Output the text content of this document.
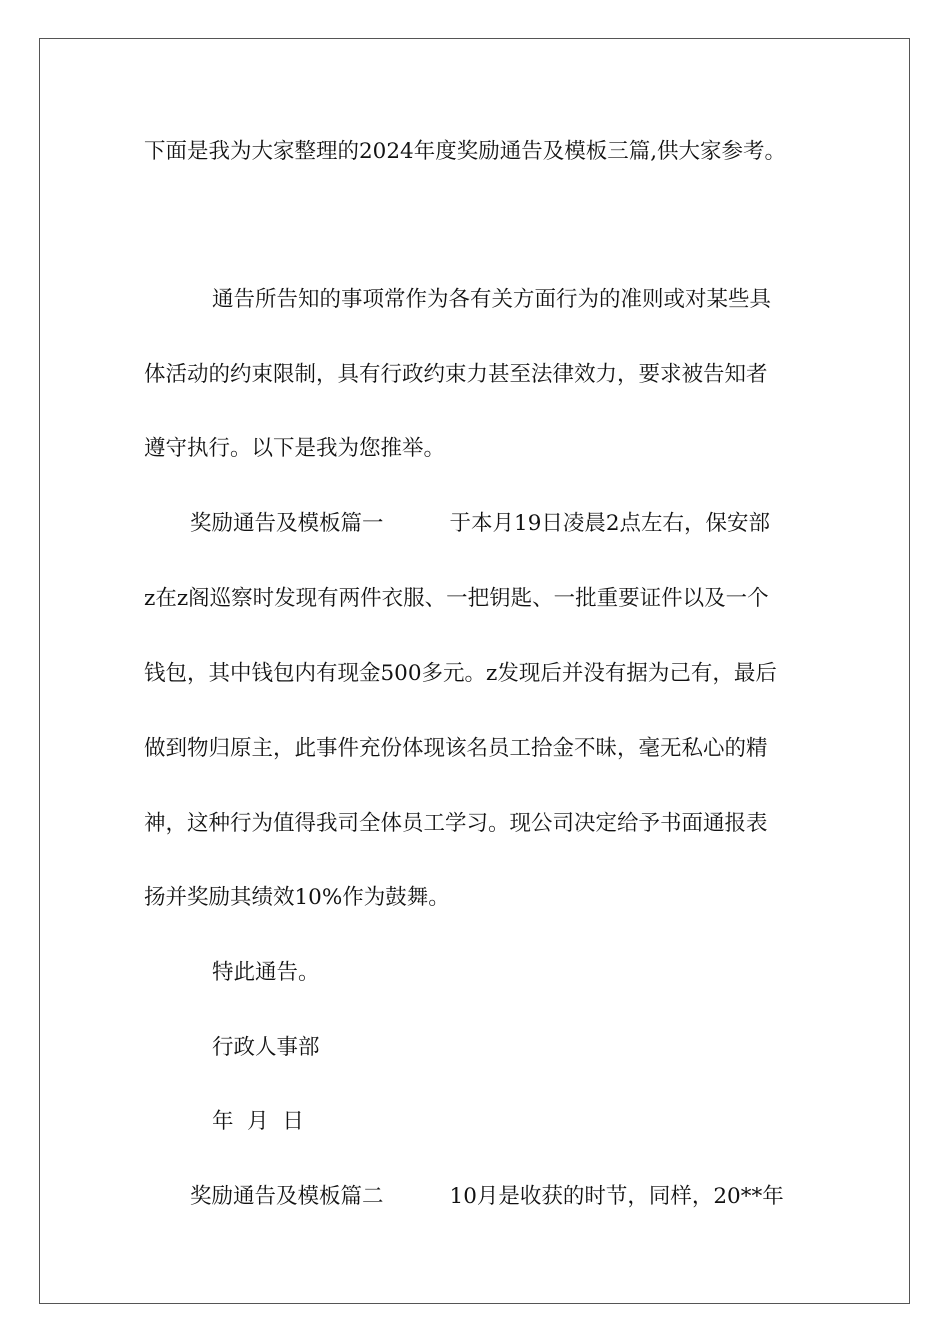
下面是我为大家整理的2024年度奖励通告及模板三篇,供大家参考。
通告所告知的事项常作为各有关方面行为的准则或对某些具
体活动的约束限制，具有行政约束力甚至法律效力，要求被告知者
遵守执行。以下是我为您推举。
奖励通告及模板篇一	于本月19日凌晨2点左右，保安部
z在z阁巡察时发现有两件衣服、一把钥匙、一批重要证件以及一个
钱包，其中钱包内有现金500多元。z发现后并没有据为己有，最后
做到物归原主，此事件充份体现该名员工拾金不昧，毫无私心的精
神，这种行为值得我司全体员工学习。现公司决定给予书面通报表
扬并奖励其绩效10%作为鼓舞。
特此通告。
行政人事部
年  月  日
奖励通告及模板篇二	10月是收获的时节，同样，20**年
